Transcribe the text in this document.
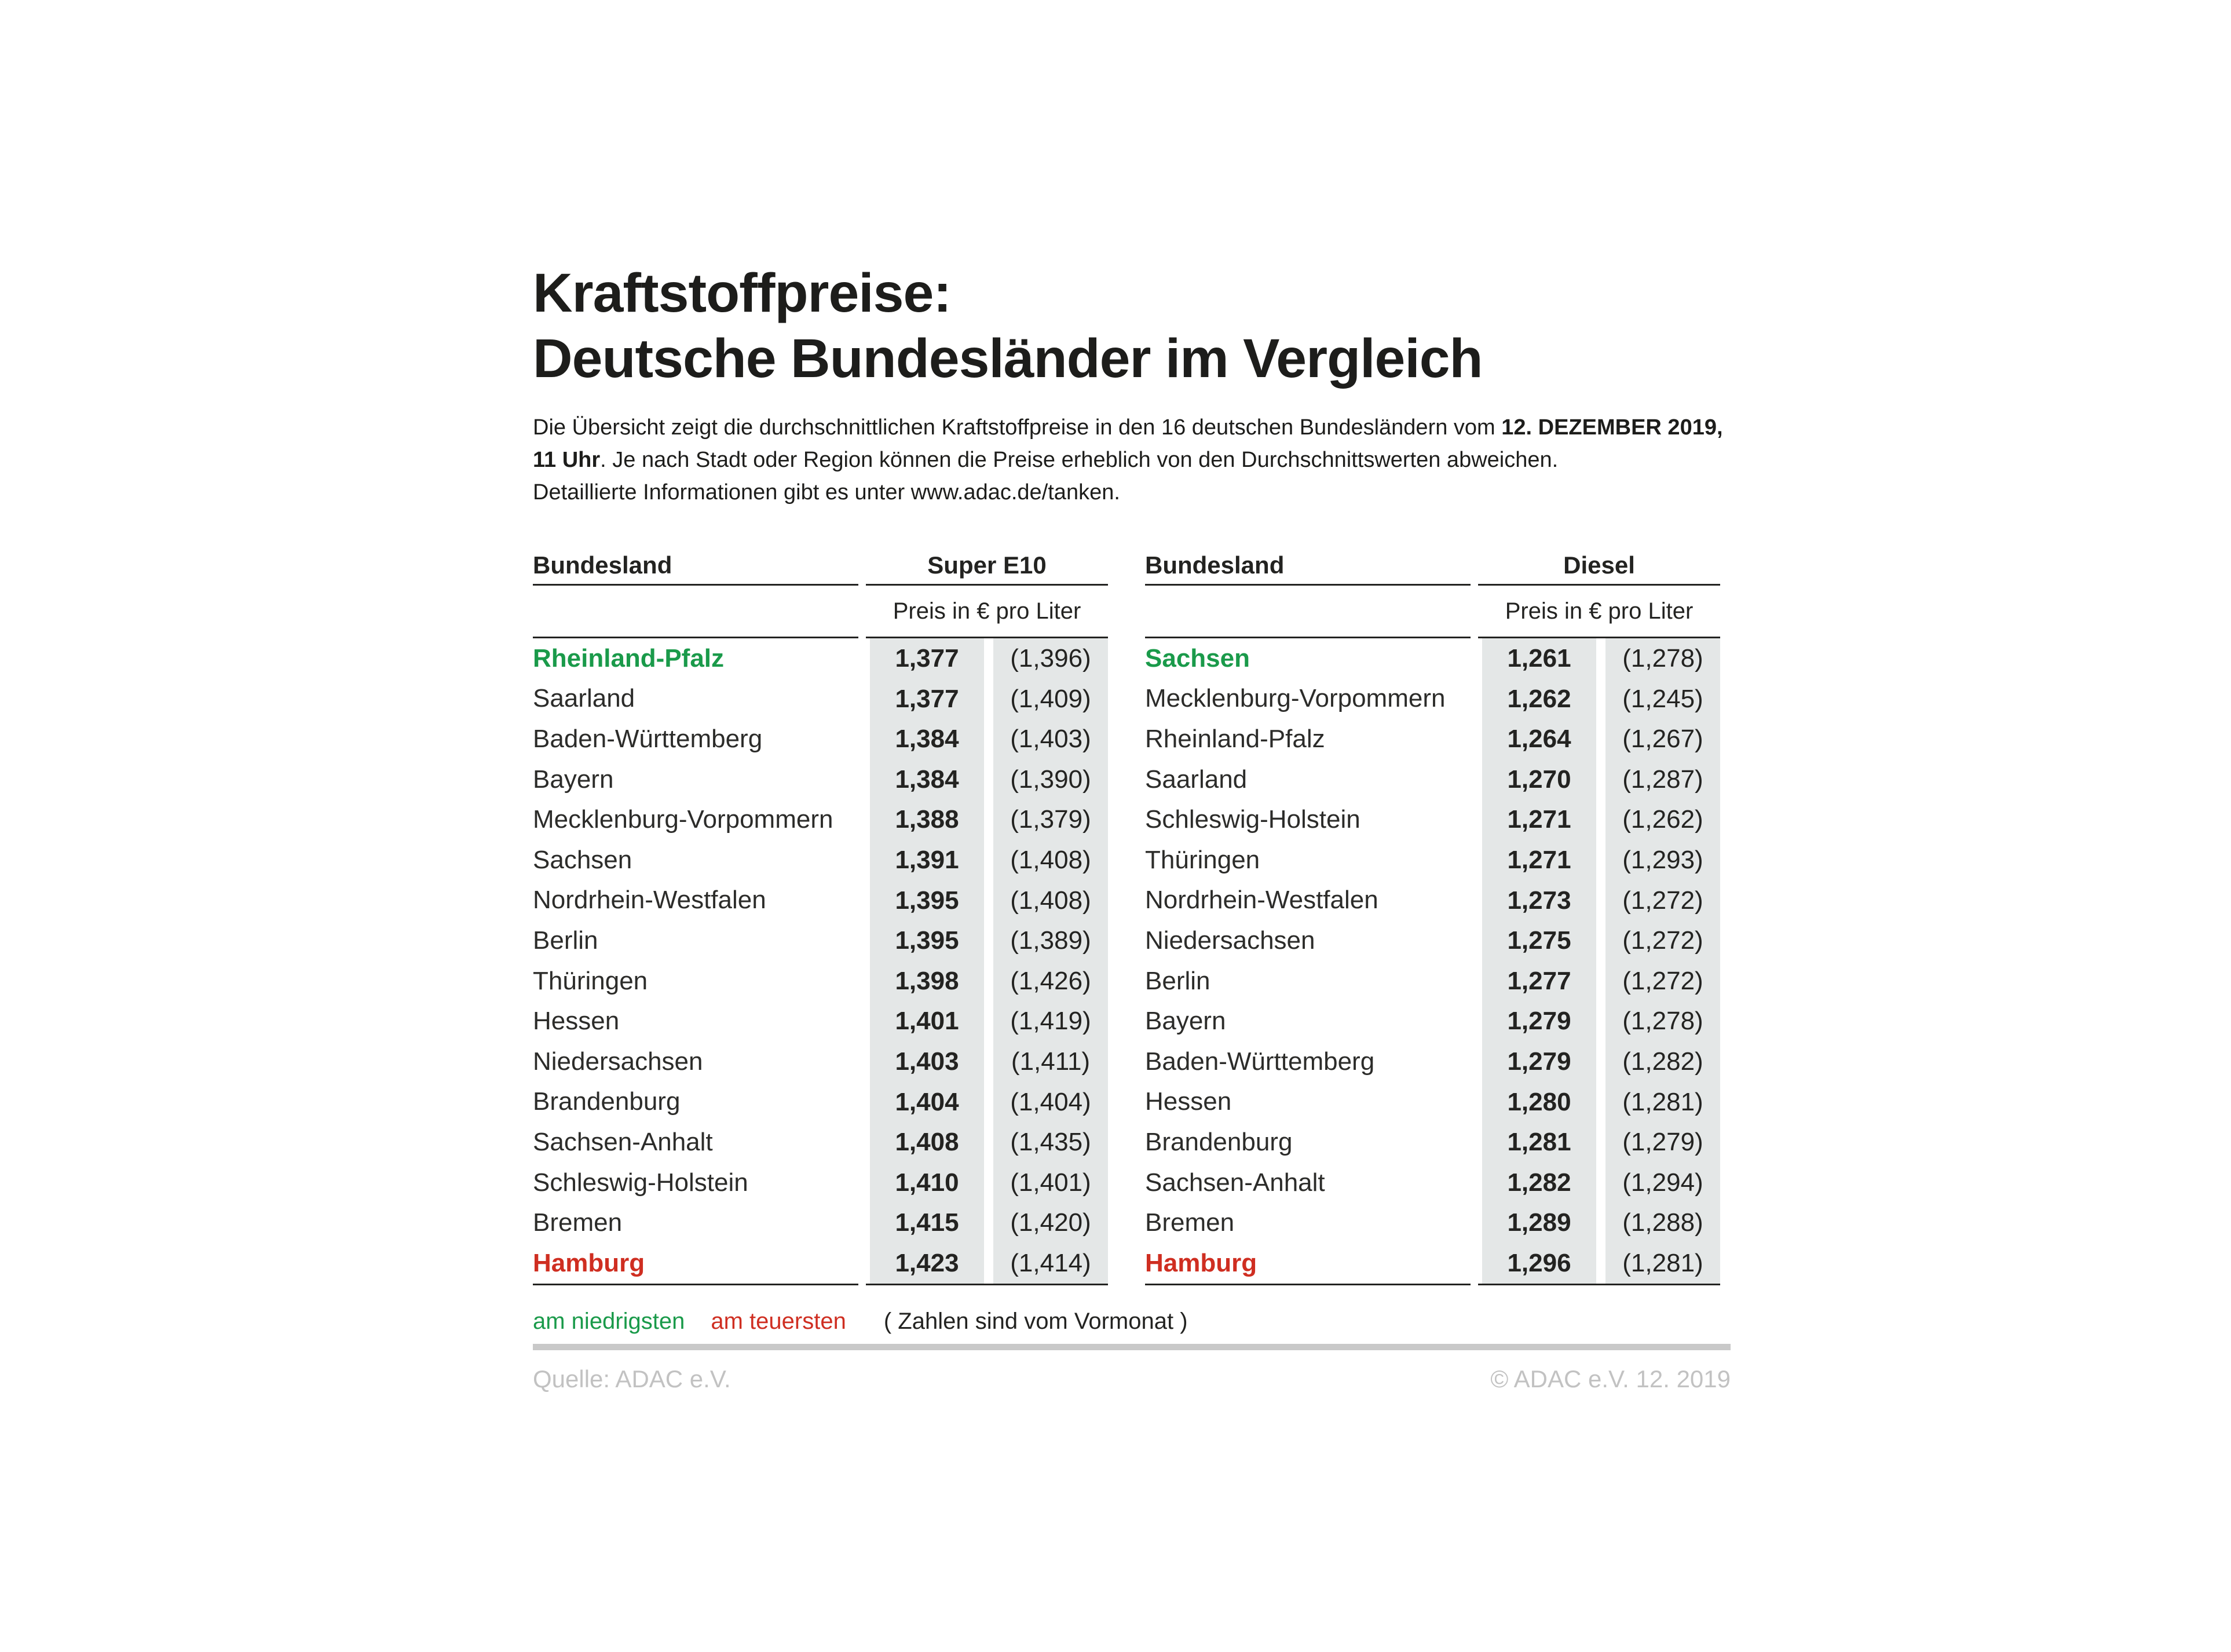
Kraftstoffpreise:
Deutsche Bundesländer im Vergleich
Die Übersicht zeigt die durchschnittlichen Kraftstoffpreise in den 16 deutschen Bundesländern vom 12. DEZEMBER 2019,
11 Uhr. Je nach Stadt oder Region können die Preise erheblich von den Durchschnittswerten abweichen.
Detaillierte Informationen gibt es unter www.adac.de/tanken.
Bundesland	Super E10
Preis in € pro Liter
Rheinland-Pfalz	1,377	(1,396)
Saarland	1,377	(1,409)
Baden-Württemberg	1,384	(1,403)
Bayern	1,384	(1,390)
Mecklenburg-Vorpommern	1,388	(1,379)
Sachsen	1,391	(1,408)
Nordrhein-Westfalen	1,395	(1,408)
Berlin	1,395	(1,389)
Thüringen	1,398	(1,426)
Hessen	1,401	(1,419)
Niedersachsen	1,403	(1,411)
Brandenburg	1,404	(1,404)
Sachsen-Anhalt	1,408	(1,435)
Schleswig-Holstein	1,410	(1,401)
Bremen	1,415	(1,420)
Hamburg	1,423	(1,414)
Bundesland	Diesel
Preis in € pro Liter
Sachsen	1,261	(1,278)
Mecklenburg-Vorpommern	1,262	(1,245)
Rheinland-Pfalz	1,264	(1,267)
Saarland	1,270	(1,287)
Schleswig-Holstein	1,271	(1,262)
Thüringen	1,271	(1,293)
Nordrhein-Westfalen	1,273	(1,272)
Niedersachsen	1,275	(1,272)
Berlin	1,277	(1,272)
Bayern	1,279	(1,278)
Baden-Württemberg	1,279	(1,282)
Hessen	1,280	(1,281)
Brandenburg	1,281	(1,279)
Sachsen-Anhalt	1,282	(1,294)
Bremen	1,289	(1,288)
Hamburg	1,296	(1,281)
am niedrigsten am teuersten ( Zahlen sind vom Vormonat )
Quelle: ADAC e.V.	© ADAC e.V. 12. 2019
